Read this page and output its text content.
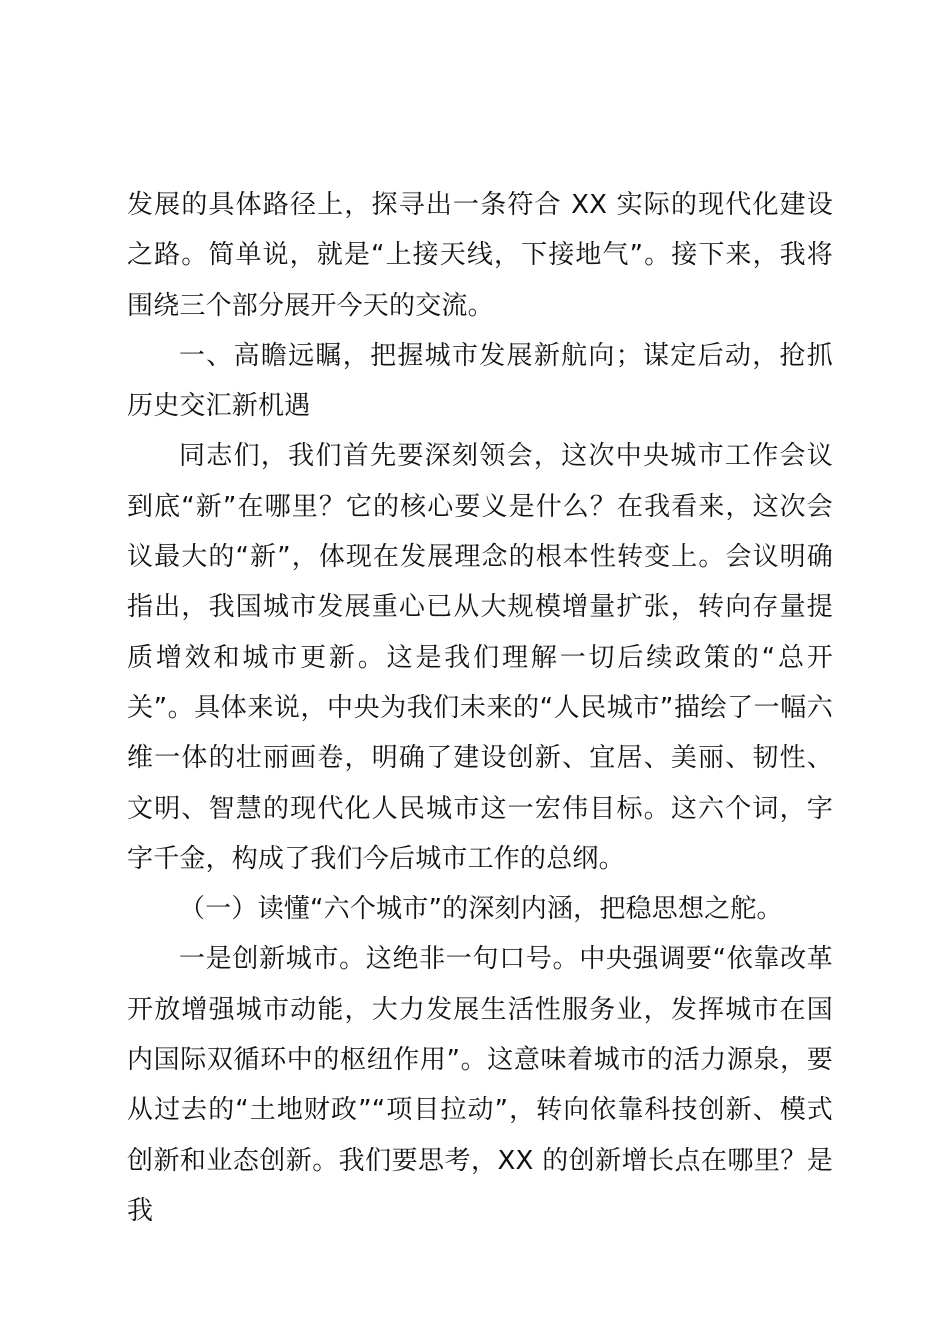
发展的具体路径上，探寻出一条符合 XX 实际的现代化建设之路。简单说，就是“上接天线，下接地气”。接下来，我将围绕三个部分展开今天的交流。

一、高瞻远瞩，把握城市发展新航向；谋定后动，抢抓历史交汇新机遇

同志们，我们首先要深刻领会，这次中央城市工作会议到底“新”在哪里？它的核心要义是什么？在我看来，这次会议最大的“新”，体现在发展理念的根本性转变上。会议明确指出，我国城市发展重心已从大规模增量扩张，转向存量提质增效和城市更新。这是我们理解一切后续政策的“总开关”。具体来说，中央为我们未来的“人民城市”描绘了一幅六维一体的壮丽画卷，明确了建设创新、宜居、美丽、韧性、文明、智慧的现代化人民城市这一宏伟目标。这六个词，字字千金，构成了我们今后城市工作的总纲。

（一）读懂“六个城市”的深刻内涵，把稳思想之舵。

一是创新城市。这绝非一句口号。中央强调要“依靠改革开放增强城市动能，大力发展生活性服务业，发挥城市在国内国际双循环中的枢纽作用”。这意味着城市的活力源泉，要从过去的“土地财政”“项目拉动”，转向依靠科技创新、模式创新和业态创新。我们要思考，XX 的创新增长点在哪里？是我
